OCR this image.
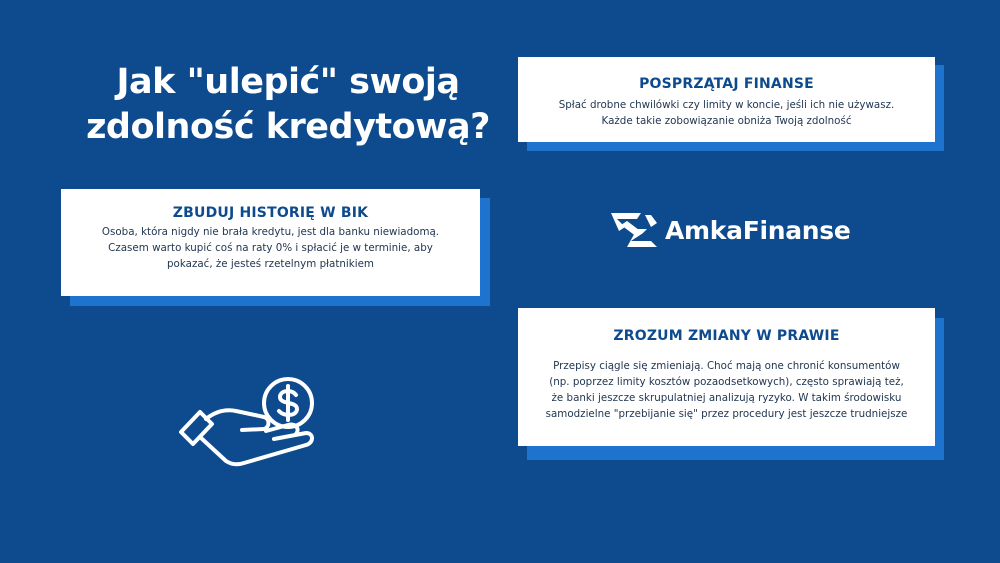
Jak "ulepić" swoją zdolność kredytową?
POSPRZĄTAJ FINANSE

Spłać drobne chwilówki czy limity w koncie, jeśli ich nie używasz.

Każde takie zobowiązanie obniża Twoją zdolność

ZBUDUJ HISTORIĘ W BIK

Osoba, która nigdy nie brała kredytu, jest dla banku niewiadomą.

Czasem warto kupić coś na raty 0% i spłacić je w terminie, aby

pokazać, że jesteś rzetelnym płatnikiem

ZROZUM ZMIANY W PRAWIE

Przepisy ciągle się zmieniają. Choć mają one chronić konsumentów

(np. poprzez limity kosztów pozaodsetkowych), często sprawiają też,

że banki jeszcze skrupulatniej analizują ryzyko. W takim środowisku

samodzielne "przebijanie się" przez procedury jest jeszcze trudniejsze

AmkaFinanse
